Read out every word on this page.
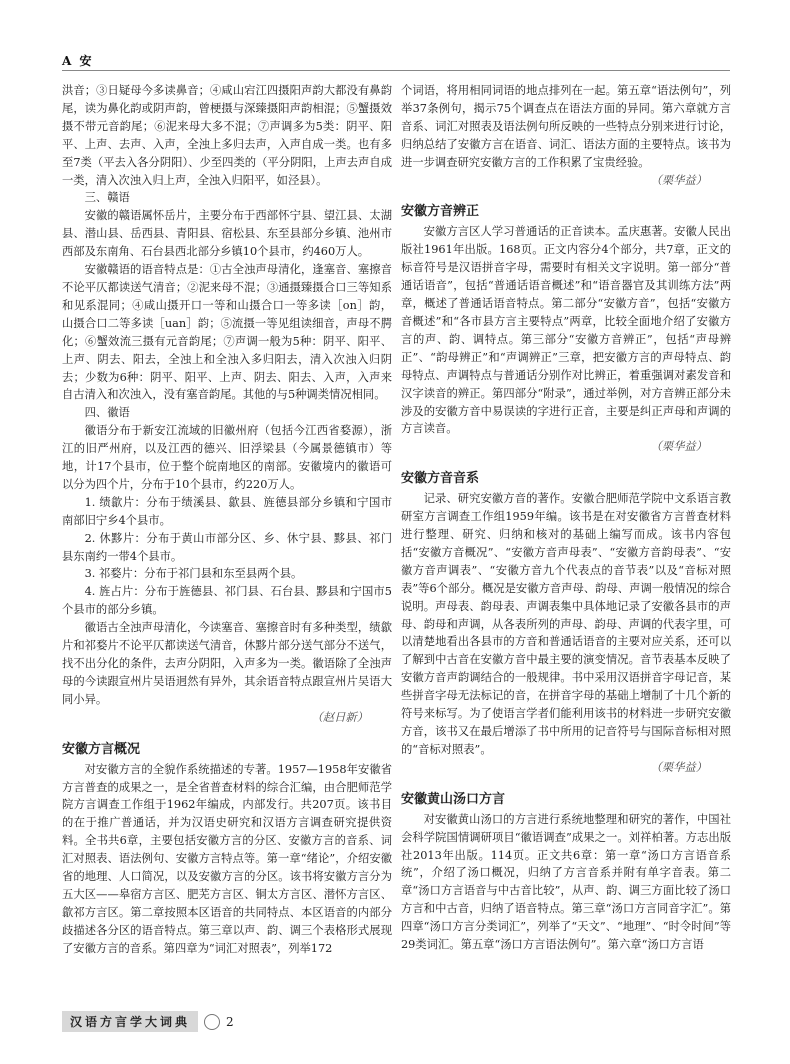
A 安

洪音；③日疑母今多读鼻音；④咸山宕江四摄阳声韵大都没有鼻韵尾，读为鼻化韵或阴声韵，曾梗摄与深臻摄阳声韵相混；⑤蟹摄效摄不带元音韵尾；⑥泥来母大多不混；⑦声调多为5类：阴平、阳平、上声、去声、入声，全浊上多归去声，入声自成一类。也有多至7类（平去入各分阴阳）、少至四类的（平分阴阳，上声去声自成一类，清入次浊入归上声，全浊入归阳平，如泾县）。

三、赣语

安徽的赣语属怀岳片，主要分布于西部怀宁县、望江县、太湖县、潜山县、岳西县、青阳县、宿松县、东至县部分乡镇、池州市西部及东南角、石台县西北部分乡镇10个县市，约460万人。

安徽赣语的语音特点是：①古全浊声母清化，逢塞音、塞擦音不论平仄都读送气清音；②泥来母不混；③通摄臻摄合口三等知系和见系混同；④咸山摄开口一等和山摄合口一等多读［on］韵，山摄合口二等多读［uan］韵；⑤流摄一等见组读细音，声母不腭化；⑥蟹效流三摄有元音韵尾；⑦声调一般为5种：阴平、阳平、上声、阴去、阳去，全浊上和全浊入多归阳去，清入次浊入归阴去；少数为6种：阴平、阳平、上声、阴去、阳去、入声，入声来自古清入和次浊入，没有塞音韵尾。其他的与5种调类情况相同。

四、徽语

徽语分布于新安江流域的旧徽州府（包括今江西省婺源），浙江的旧严州府，以及江西的德兴、旧浮梁县（今属景德镇市）等地，计17个县市，位于整个皖南地区的南部。安徽境内的徽语可以分为四个片，分布于10个县市，约220万人。

1. 绩歙片：分布于绩溪县、歙县、旌德县部分乡镇和宁国市南部旧宁乡4个县市。

2. 休黟片：分布于黄山市部分区、乡、休宁县、黟县、祁门县东南约一带4个县市。

3. 祁婺片：分布于祁门县和东至县两个县。

4. 旌占片：分布于旌德县、祁门县、石台县、黟县和宁国市5个县市的部分乡镇。

徽语古全浊声母清化，今读塞音、塞擦音时有多种类型，绩歙片和祁婺片不论平仄都读送气清音，休黟片部分送气部分不送气，找不出分化的条件，去声分阴阳，入声多为一类。徽语除了全浊声母的今读跟宣州片吴语迥然有异外，其余语音特点跟宣州片吴语大同小异。

（赵日新）

安徽方言概况

对安徽方言的全貌作系统描述的专著。1957—1958年安徽省方言普查的成果之一，是全省普查材料的综合汇编，由合肥师范学院方言调查工作组于1962年编成，内部发行。共207页。该书目的在于推广普通话，并为汉语史研究和汉语方言调查研究提供资料。全书共6章，主要包括安徽方言的分区、安徽方言的音系、词汇对照表、语法例句、安徽方言特点等。第一章“绪论”，介绍安徽省的地理、人口简况，以及安徽方言的分区。该书将安徽方言分为五大区——皋宿方言区、肥芜方言区、铜太方言区、潜怀方言区、歙祁方言区。第二章按照本区语音的共同特点、本区语音的内部分歧描述各分区的语音特点。第三章以声、韵、调三个表格形式展现了安徽方言的音系。第四章为“词汇对照表”，列举172

个词语，将用相同词语的地点排列在一起。第五章“语法例句”，列举37条例句，揭示75个调查点在语法方面的异同。第六章就方言音系、词汇对照表及语法例句所反映的一些特点分别来进行讨论，归纳总结了安徽方言在语音、词汇、语法方面的主要特点。该书为进一步调查研究安徽方言的工作积累了宝贵经验。

（栗华益）

安徽方音辨正

安徽方言区人学习普通话的正音读本。孟庆惠著。安徽人民出版社1961年出版。168页。正文内容分4个部分，共7章，正文的标音符号是汉语拼音字母，需要时有相关文字说明。第一部分“普通话语音”，包括“普通话语音概述”和“语音器官及其训练方法”两章，概述了普通话语音特点。第二部分“安徽方音”，包括“安徽方音概述”和“各市县方言主要特点”两章，比较全面地介绍了安徽方言的声、韵、调特点。第三部分“安徽方音辨正”，包括“声母辨正”、“韵母辨正”和“声调辨正”三章，把安徽方言的声母特点、韵母特点、声调特点与普通话分别作对比辨正，着重强调对素发音和汉字读音的辨正。第四部分“附录”，通过举例，对方音辨正部分未涉及的安徽方音中易误读的字进行正音，主要是纠正声母和声调的方言读音。

（栗华益）

安徽方音音系

记录、研究安徽方音的著作。安徽合肥师范学院中文系语言教研室方言调查工作组1959年编。该书是在对安徽省方言普查材料进行整理、研究、归纳和核对的基础上编写而成。该书内容包括“安徽方音概况”、“安徽方音声母表”、“安徽方音韵母表”、“安徽方音声调表”、“安徽方音九个代表点的音节表”以及“音标对照表”等6个部分。概况是安徽方音声母、韵母、声调一般情况的综合说明。声母表、韵母表、声调表集中具体地记录了安徽各县市的声母、韵母和声调，从各表所列的声母、韵母、声调的代表字里，可以清楚地看出各县市的方音和普通话语音的主要对应关系，还可以了解到中古音在安徽方音中最主要的演变情况。音节表基本反映了安徽方音声韵调结合的一般规律。书中采用汉语拼音字母记音，某些拼音字母无法标记的音，在拼音字母的基础上增制了十几个新的符号来标写。为了使语言学者们能利用该书的材料进一步研究安徽方音，该书又在最后增添了书中所用的记音符号与国际音标相对照的“音标对照表”。

（栗华益）

安徽黄山汤口方言

对安徽黄山汤口的方言进行系统地整理和研究的著作，中国社会科学院国情调研项目“徽语调查”成果之一。刘祥柏著。方志出版社2013年出版。114页。正文共6章：第一章“汤口方言语音系统”，介绍了汤口概况，归纳了方言音系并附有单字音表。第二章“汤口方言语音与中古音比较”，从声、韵、调三方面比较了汤口方言和中古音，归纳了语音特点。第三章“汤口方言同音字汇”。第四章“汤口方言分类词汇”，列举了“天文”、“地理”、“时令时间”等29类词汇。第五章“汤口方言语法例句”。第六章“汤口方言语

汉语方言学大词典	2
